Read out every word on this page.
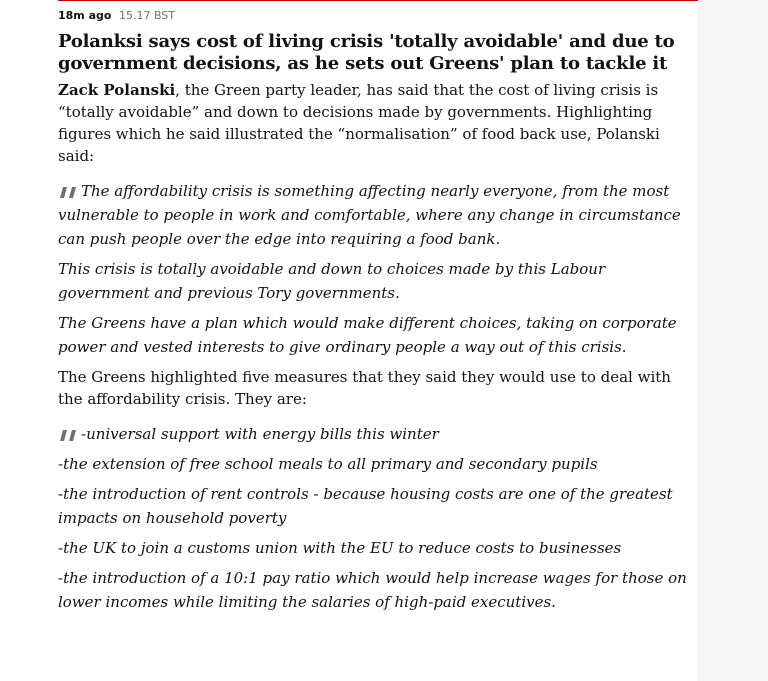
18m ago 15.17 BST
Polanksi says cost of living crisis 'totally avoidable' and due to government decisions, as he sets out Greens' plan to tackle it

Zack Polanski, the Green party leader, has said that the cost of living crisis is “totally avoidable” and down to decisions made by governments. Highlighting figures which he said illustrated the “normalisation” of food back use, Polanski said:

The affordability crisis is something affecting nearly everyone, from the most vulnerable to people in work and comfortable, where any change in circumstance can push people over the edge into requiring a food bank.

This crisis is totally avoidable and down to choices made by this Labour government and previous Tory governments.

The Greens have a plan which would make different choices, taking on corporate power and vested interests to give ordinary people a way out of this crisis.

The Greens highlighted five measures that they said they would use to deal with the affordability crisis. They are:

-universal support with energy bills this winter

-the extension of free school meals to all primary and secondary pupils

-the introduction of rent controls - because housing costs are one of the greatest impacts on household poverty

-the UK to join a customs union with the EU to reduce costs to businesses

-the introduction of a 10:1 pay ratio which would help increase wages for those on lower incomes while limiting the salaries of high-paid executives.
